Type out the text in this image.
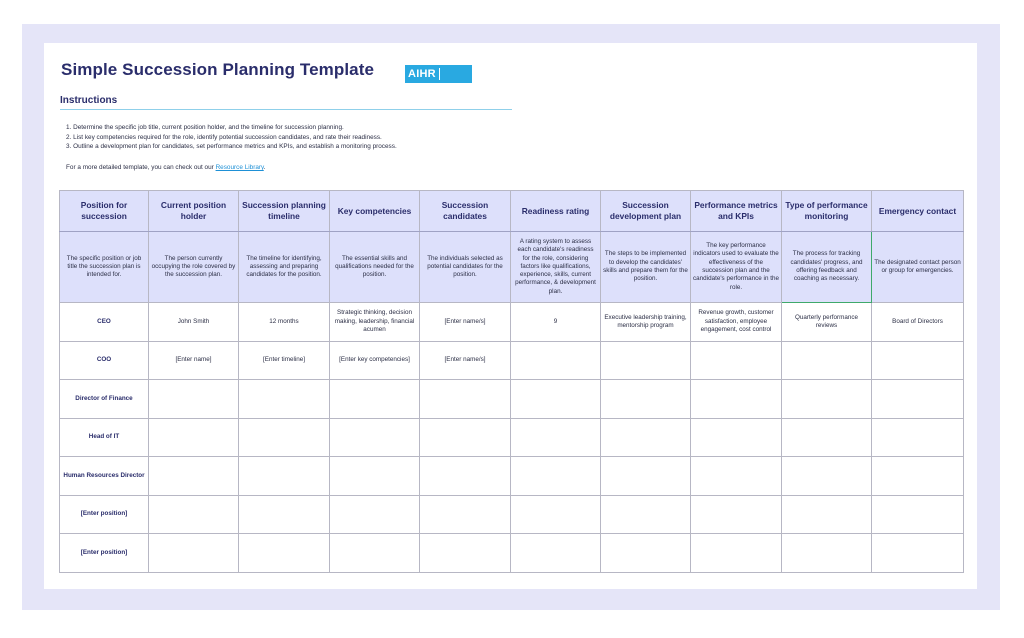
Simple Succession Planning Template	AIHR
Instructions
1. Determine the specific job title, current position holder, and the timeline for succession planning.
2. List key competencies required for the role, identify potential succession candidates, and rate their readiness.
3. Outline a development plan for candidates, set performance metrics and KPIs, and establish a monitoring process.
For a more detailed template, you can check out our Resource Library.
Position for succession	Current position holder	Succession planning timeline	Key competencies	Succession candidates	Readiness rating	Succession development plan	Performance metrics and KPIs	Type of performance monitoring	Emergency contact
The specific position or job title the succession plan is intended for.	The person currently occupying the role covered by the succession plan.	The timeline for identifying, assessing and preparing candidates for the position.	The essential skills and qualifications needed for the position.	The individuals selected as potential candidates for the position.	A rating system to assess each candidate's readiness for the role, considering factors like qualifications, experience, skills, current performance, & development plan.	The steps to be implemented to develop the candidates' skills and prepare them for the position.	The key performance indicators used to evaluate the effectiveness of the succession plan and the candidate's performance in the role.	The process for tracking candidates' progress, and offering feedback and coaching as necessary.	The designated contact person or group for emergencies.
CEO	John Smith	12 months	Strategic thinking, decision making, leadership, financial acumen	[Enter name/s]	9	Executive leadership training, mentorship program	Revenue growth, customer satisfaction, employee engagement, cost control	Quarterly performance reviews	Board of Directors
COO	[Enter name]	[Enter timeline]	[Enter key competencies]	[Enter name/s]					
Director of Finance									
Head of IT									
Human Resources Director									
[Enter position]									
[Enter position]									
